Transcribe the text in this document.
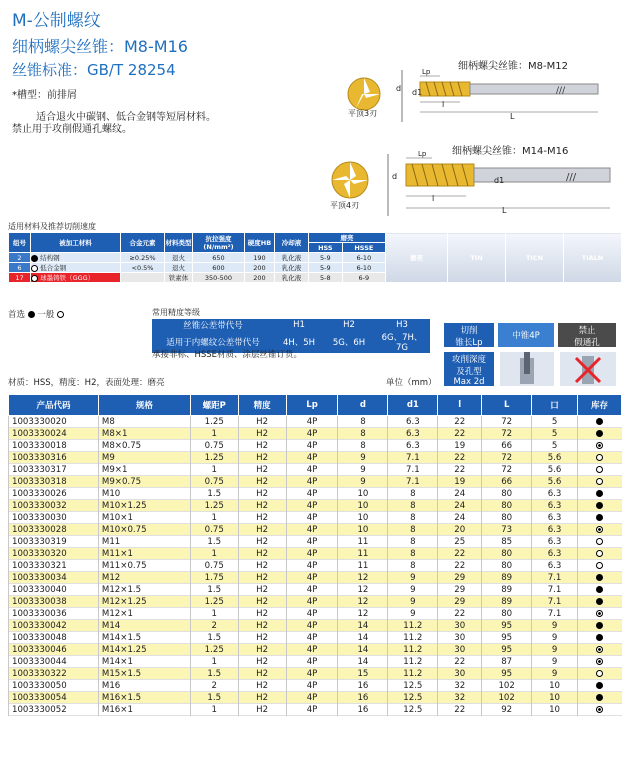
M-公制螺纹
细柄螺尖丝锥：M8-M16
丝锥标准：GB/T 28254
*槽型：前排屑
适合退火中碳钢、低合金钢等短屑材料。
禁止用于攻削假通孔螺纹。
细柄螺尖丝锥：M8-M12
///
Lp
d d1
l
L
平顶3刃
细柄螺尖丝锥：M14-M16
///
Lp
d	d1
l
L
平顶4刃
适用材料及推荐切削速度
组号	被加工材料	合金元素	材料类型	抗拉强度(N/mm²)	硬度HB	冷却液	磨亮		磨亮	TIN	TICN	TIALN
							HSS	HSSE				
2	结构钢	≥0.25%	退火	650	190	乳化液	5-9	6-10				
6	低合金钢	<0.5%	退火	600	200	乳化液	5-9	6-10				
17	球墨铸铁（GGG）		铁素体	350-500	200	乳化液	5-8	6-9				
首选 一般	常用精度等级
丝锥公差带代号	H1	H2	H3
适用于内螺纹公差带代号	4H、5H	5G、6H	6G、7H、7G
承接非标、HSSE材质、涂层丝锥订货。
切削
锥长Lp
中锥4P	禁止
假通孔
攻削深度
及孔型
Max 2d
材质：HSS，精度：H2，表面处理：磨亮	单位（mm）
产品代码	规格	螺距P	精度	Lp	d	d1	l	L	口	库存
1003330020	M8	1.25	H2	4P	8	6.3	22	72	5	
1003330024	M8×1	1	H2	4P	8	6.3	22	72	5	
1003330018	M8×0.75	0.75	H2	4P	8	6.3	19	66	5	
1003330316	M9	1.25	H2	4P	9	7.1	22	72	5.6	
1003330317	M9×1	1	H2	4P	9	7.1	22	72	5.6	
1003330318	M9×0.75	0.75	H2	4P	9	7.1	19	66	5.6	
1003330026	M10	1.5	H2	4P	10	8	24	80	6.3	
1003330032	M10×1.25	1.25	H2	4P	10	8	24	80	6.3	
1003330030	M10×1	1	H2	4P	10	8	24	80	6.3	
1003330028	M10×0.75	0.75	H2	4P	10	8	20	73	6.3	
1003330319	M11	1.5	H2	4P	11	8	25	85	6.3	
1003330320	M11×1	1	H2	4P	11	8	22	80	6.3	
1003330321	M11×0.75	0.75	H2	4P	11	8	22	80	6.3	
1003330034	M12	1.75	H2	4P	12	9	29	89	7.1	
1003330040	M12×1.5	1.5	H2	4P	12	9	29	89	7.1	
1003330038	M12×1.25	1.25	H2	4P	12	9	29	89	7.1	
1003330036	M12×1	1	H2	4P	12	9	22	80	7.1	
1003330042	M14	2	H2	4P	14	11.2	30	95	9	
1003330048	M14×1.5	1.5	H2	4P	14	11.2	30	95	9	
1003330046	M14×1.25	1.25	H2	4P	14	11.2	30	95	9	
1003330044	M14×1	1	H2	4P	14	11.2	22	87	9	
1003330322	M15×1.5	1.5	H2	4P	15	11.2	30	95	9	
1003330050	M16	2	H2	4P	16	12.5	32	102	10	
1003330054	M16×1.5	1.5	H2	4P	16	12.5	32	102	10	
1003330052	M16×1	1	H2	4P	16	12.5	22	92	10	
